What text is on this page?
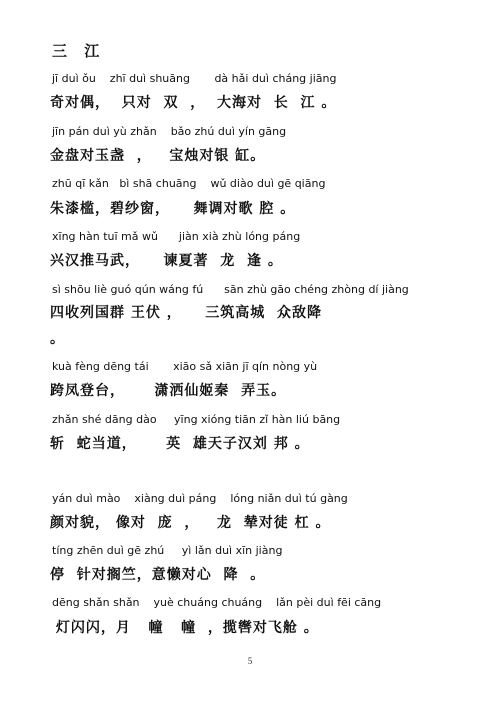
三 江
jī duì ǒu    zhī duì shuāng       dà hǎi duì cháng jiāng
奇对偶，  只对  双  ，  大海对  长  江 。
jīn pán duì yù zhǎn    bǎo zhú duì yín gāng
金盘对玉盏  ，   宝烛对银 缸。
zhū qī kǎn   bì shā chuāng    wǔ diào duì gē qiāng
朱漆槛，碧纱窗，    舞调对歌 腔 。
xīng hàn tuī mǎ wǔ      jiàn xià zhù lóng páng
兴汉推马武，    谏夏著  龙  逢 。
sì shōu liè guó qún wáng fú      sān zhù gāo chéng zhòng dí jiàng
四收列国群 王伏 ，    三筑高城  众敌降
。
kuà fèng dēng tái       xiāo sǎ xiān jī qín nòng yù
跨凤登台，     潇洒仙姬秦  弄玉。
zhǎn shé dāng dào     yīng xióng tiān zǐ hàn liú bāng
斩  蛇当道，     英  雄天子汉刘 邦 。
yán duì mào    xiàng duì páng    lóng niǎn duì tú gàng
颜对貌， 像对  庞  ，   龙  辇对徒 杠 。
tíng zhēn duì gē zhú     yì lǎn duì xīn jiàng
停  针对搁竺，意懒对心  降  。
dēng shǎn shǎn    yuè chuáng chuáng    lǎn pèi duì fēi cāng
灯闪闪，月   幢   幢  ，揽辔对飞舱 。
5
